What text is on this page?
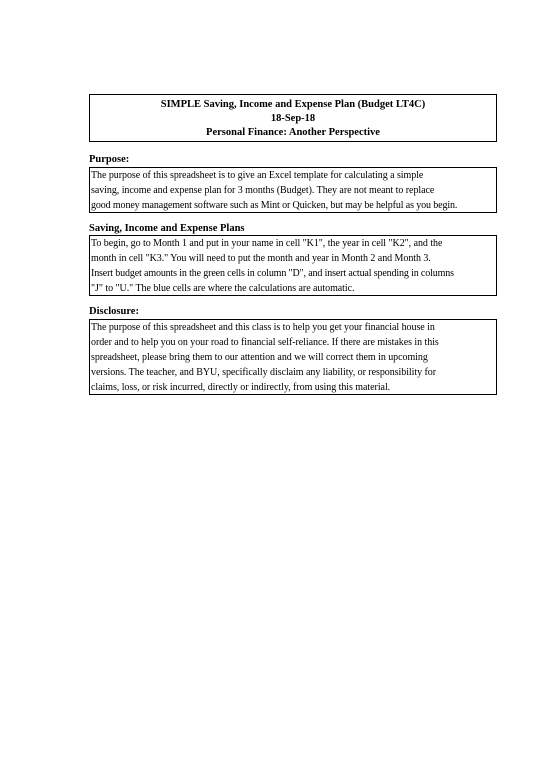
SIMPLE Saving, Income and Expense Plan (Budget LT4C)
18-Sep-18
Personal Finance: Another Perspective
Purpose:
The purpose of this spreadsheet is to give an Excel template for calculating a simple
saving, income and expense plan for 3 months (Budget). They are not meant to replace
good money management software such as Mint or Quicken, but may be helpful as you begin.
Saving, Income and Expense Plans
To begin, go to Month 1 and put in your name in cell "K1", the year in cell "K2", and the
month in cell "K3." You will need to put the month and year in Month 2 and Month 3.
Insert budget amounts in the green cells in column "D", and insert actual spending in columns
"J" to "U." The blue cells are where the calculations are automatic.
Disclosure:
The purpose of this spreadsheet and this class is to help you get your financial house in
order and to help you on your road to financial self-reliance. If there are mistakes in this
spreadsheet, please bring them to our attention and we will correct them in upcoming
versions. The teacher, and BYU, specifically disclaim any liability, or responsibility for
claims, loss, or risk incurred, directly or indirectly, from using this material.
